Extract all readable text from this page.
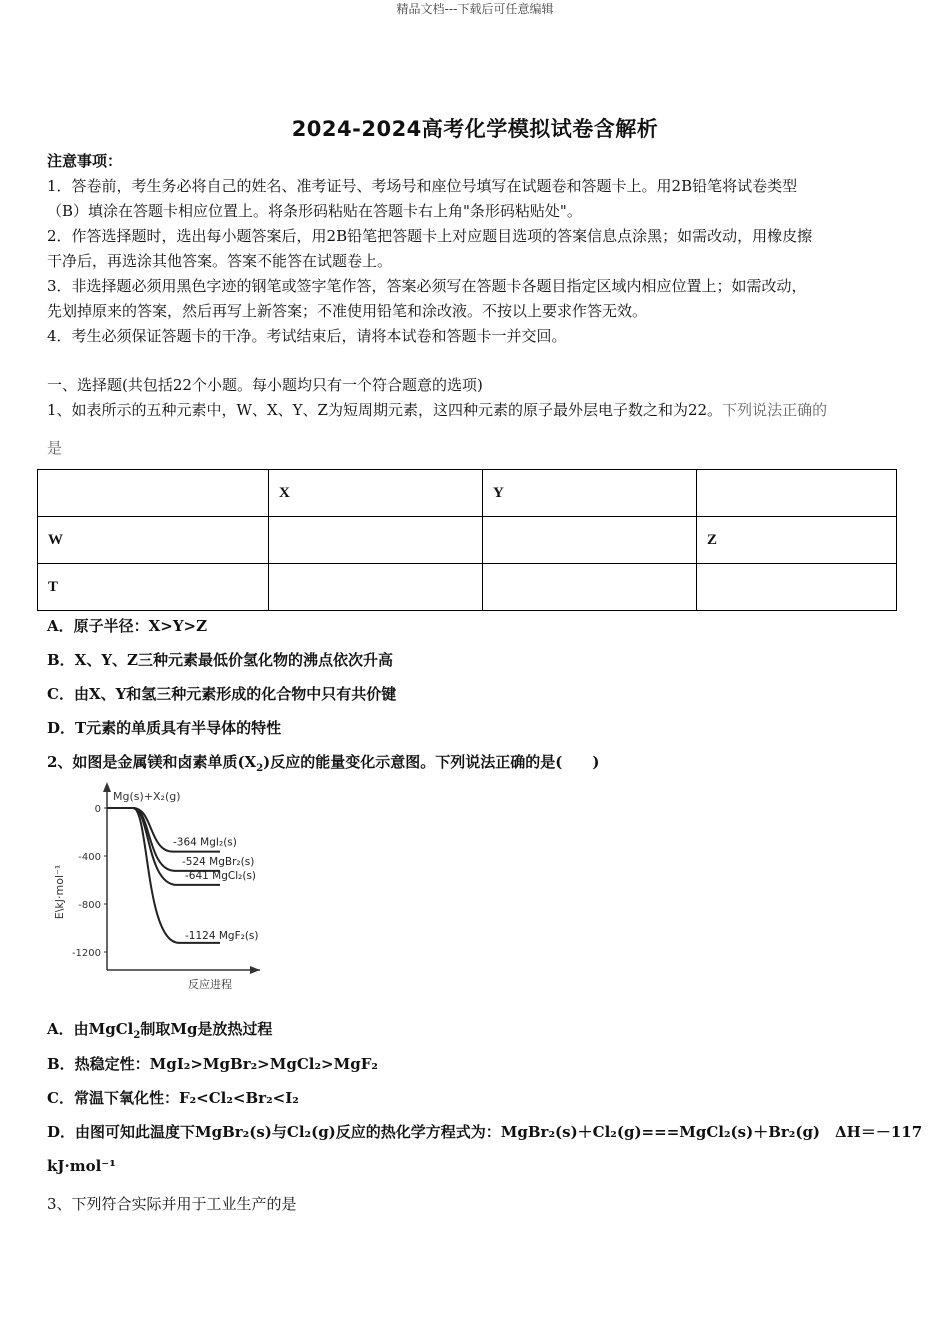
精品文档---下载后可任意编辑
2024-2024高考化学模拟试卷含解析
注意事项：
1．答卷前，考生务必将自己的姓名、准考证号、考场号和座位号填写在试题卷和答题卡上。用2B铅笔将试卷类型
（B）填涂在答题卡相应位置上。将条形码粘贴在答题卡右上角"条形码粘贴处"。
2．作答选择题时，选出每小题答案后，用2B铅笔把答题卡上对应题目选项的答案信息点涂黑；如需改动，用橡皮擦
干净后，再选涂其他答案。答案不能答在试题卷上。
3．非选择题必须用黑色字迹的钢笔或签字笔作答，答案必须写在答题卡各题目指定区域内相应位置上；如需改动，
先划掉原来的答案，然后再写上新答案；不准使用铅笔和涂改液。不按以上要求作答无效。
4．考生必须保证答题卡的干净。考试结束后，请将本试卷和答题卡一并交回。
一、选择题(共包括22个小题。每小题均只有一个符合题意的选项)
1、如表所示的五种元素中，W、X、Y、Z为短周期元素，这四种元素的原子最外层电子数之和为22。下列说法正确的
是
	X	Y	
W			Z
T			
A．原子半径：X>Y>Z
B．X、Y、Z三种元素最低价氢化物的沸点依次升高
C．由X、Y和氢三种元素形成的化合物中只有共价键
D．T元素的单质具有半导体的特性
2、如图是金属镁和卤素单质$(X_2)$反应的能量变化示意图。下列说法正确的是(　　)
0
-400
-800
-1200
E\kJ·mol⁻¹
反应进程
Mg(s)+X₂(g)
-364 MgI₂(s)
-524 MgBr₂(s)
-641 MgCl₂(s)
-1124 MgF₂(s)
A．由MgCl$_2$制取Mg是放热过程
B．热稳定性：MgI₂>MgBr₂>MgCl₂>MgF₂
C．常温下氧化性：F₂<Cl₂<Br₂<I₂
D．由图可知此温度下MgBr₂(s)与Cl₂(g)反应的热化学方程式为：MgBr₂(s)＋Cl₂(g)===MgCl₂(s)＋Br₂(g)　ΔH＝－117
kJ·mol⁻¹
3、下列符合实际并用于工业生产的是
